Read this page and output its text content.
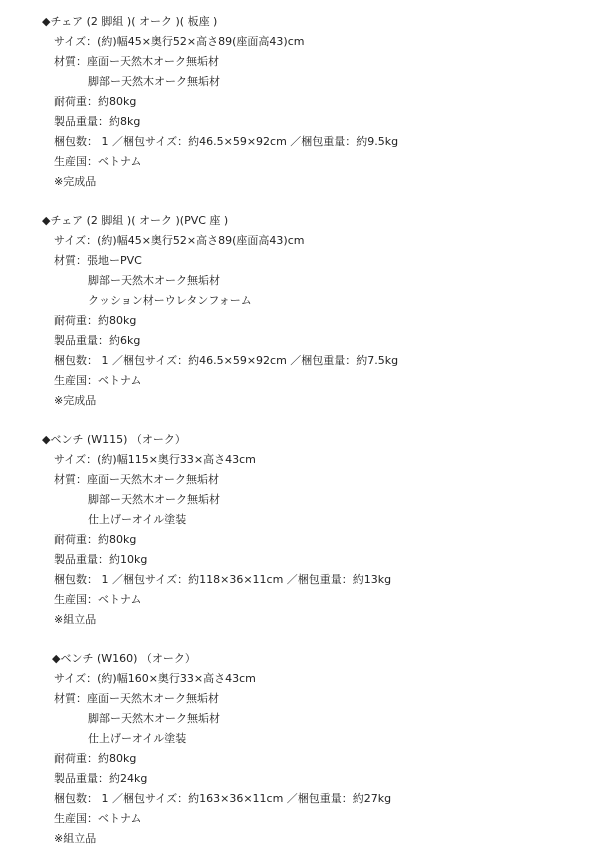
◆チェア (2 脚組 )( オーク )( 板座 )
サイズ：(約)幅45×奥行52×高さ89(座面高43)cm
材質：座面ー天然木オーク無垢材
脚部ー天然木オーク無垢材
耐荷重：約80kg
製品重量：約8kg
梱包数： 1 ／梱包サイズ：約46.5×59×92cm ／梱包重量：約9.5kg
生産国：ベトナム
※完成品
◆チェア (2 脚組 )( オーク )(PVC 座 )
サイズ：(約)幅45×奥行52×高さ89(座面高43)cm
材質：張地ーPVC
脚部ー天然木オーク無垢材
クッション材ーウレタンフォーム
耐荷重：約80kg
製品重量：約6kg
梱包数： 1 ／梱包サイズ：約46.5×59×92cm ／梱包重量：約7.5kg
生産国：ベトナム
※完成品
◆ベンチ (W115) （オーク）
サイズ：(約)幅115×奥行33×高さ43cm
材質：座面ー天然木オーク無垢材
脚部ー天然木オーク無垢材
仕上げーオイル塗装
耐荷重：約80kg
製品重量：約10kg
梱包数： 1 ／梱包サイズ：約118×36×11cm ／梱包重量：約13kg
生産国：ベトナム
※組立品
◆ベンチ (W160) （オーク）
サイズ：(約)幅160×奥行33×高さ43cm
材質：座面ー天然木オーク無垢材
脚部ー天然木オーク無垢材
仕上げーオイル塗装
耐荷重：約80kg
製品重量：約24kg
梱包数： 1 ／梱包サイズ：約163×36×11cm ／梱包重量：約27kg
生産国：ベトナム
※組立品
